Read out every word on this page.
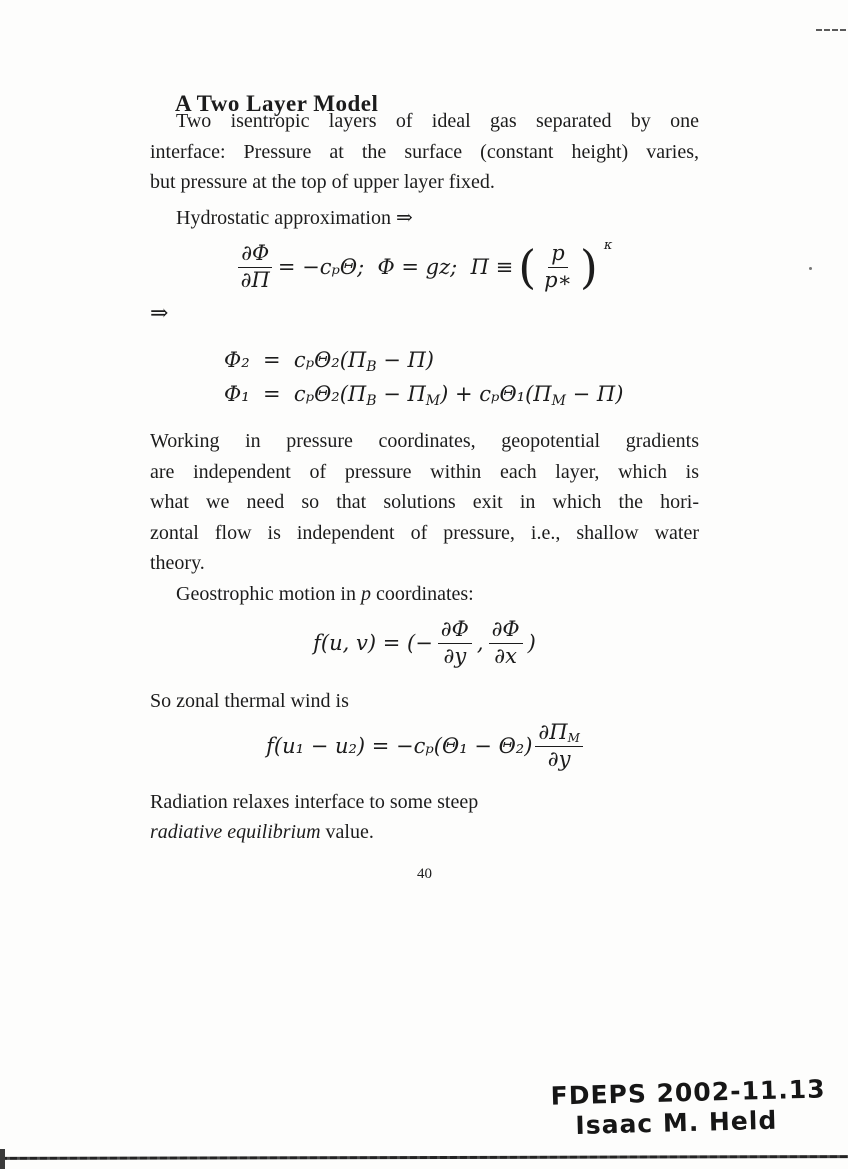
A Two Layer Model
Two isentropic layers of ideal gas separated by one
interface: Pressure at the surface (constant height) varies,
but pressure at the top of upper layer fixed.
Hydrostatic approximation ⇒
$\frac{\partial\Phi}{\partial\Pi} = -c_p\Theta$;  Φ = gz;  Π ≡ ( $\frac{p}{p∗}$ ) κ
⇒
$\Phi_2 = c_p\Theta_2(\Pi_B - \Pi)$
$\Phi_1 = c_p\Theta_2(\Pi_B - \Pi_M) + c_p\Theta_1(\Pi_M - \Pi)$
Working in pressure coordinates, geopotential gradients
are independent of pressure within each layer, which is
what we need so that solutions exit in which the hori-
zontal flow is independent of pressure, i.e., shallow water
theory.
Geostrophic motion in p coordinates:
f(u, v) = (− $\frac{\partial\Phi}{\partial y}$ , $\frac{\partial\Phi}{\partial x}$ )
So zonal thermal wind is
$f(u_1 - u_2) = -c_p(\Theta_1 - \Theta_2) \frac{\partial\Pi_M}{\partial y}$
Radiation relaxes interface to some steep
radiative equilibrium value.
40
FDEPS 2002-11.13
Isaac M. Held
